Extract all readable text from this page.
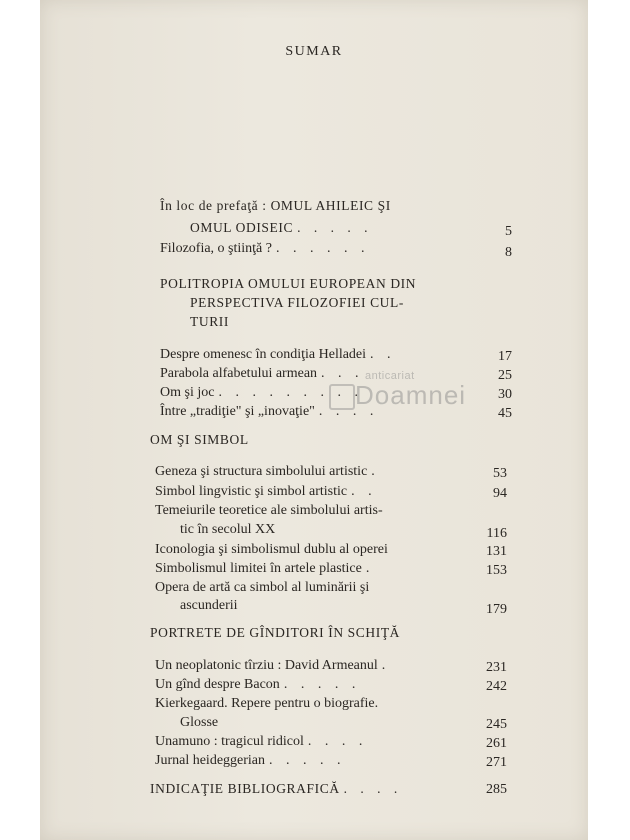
SUMAR
În loc de prefaţă : OMUL AHILEIC ŞI
OMUL ODISEIC . . . . .	5
Filozofia, o ştiinţă ? . . . . . .	8
POLITROPIA OMULUI EUROPEAN DIN
PERSPECTIVA FILOZOFIEI CUL-
TURII
Despre omenesc în condiţia Helladei . .	17
Parabola alfabetului armean . . .	25
Om şi joc . . . . . . . . .	30
Între „tradiţie" şi „inovaţie" . . . .	45
OM ŞI SIMBOL
Geneza şi structura simbolului artistic .	53
Simbol lingvistic şi simbol artistic . .	94
Temeiurile teoretice ale simbolului artis-
tic în secolul XX	116
Iconologia şi simbolismul dublu al operei	131
Simbolismul limitei în artele plastice .	153
Opera de artă ca simbol al luminării şi
ascunderii	179
PORTRETE DE GÎNDITORI ÎN SCHIŢĂ
Un neoplatonic tîrziu : David Armeanul .	231
Un gînd despre Bacon . . . . .	242
Kierkegaard. Repere pentru o biografie.
Glosse	245
Unamuno : tragicul ridicol . . . .	261
Jurnal heideggerian . . . . .	271
INDICAŢIE BIBLIOGRAFICĂ . . . .	285
anticariat
Doamnei
